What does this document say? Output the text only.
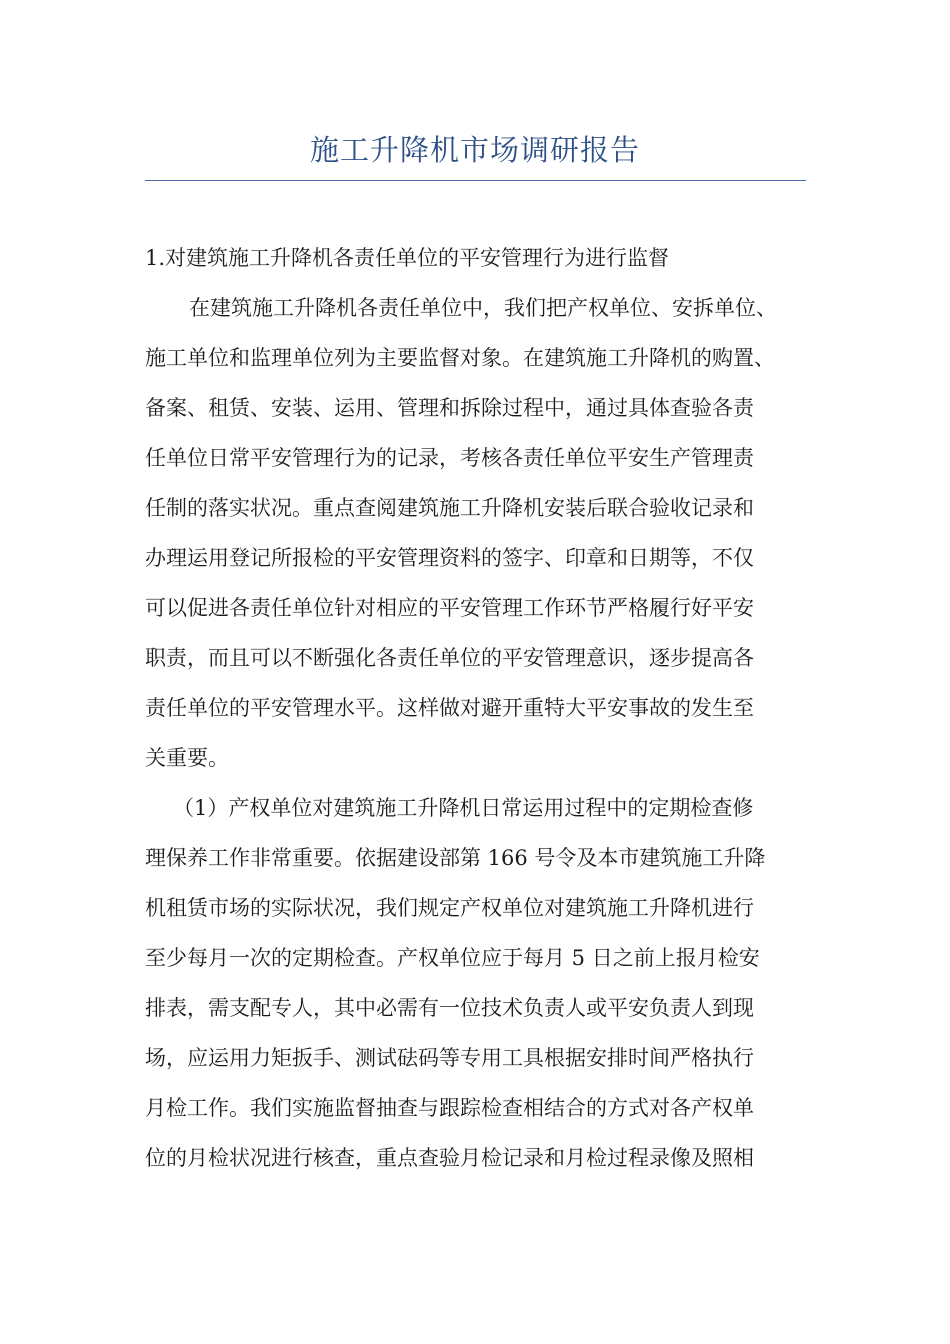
施工升降机市场调研报告

1.对建筑施工升降机各责任单位的平安管理行为进行监督

在建筑施工升降机各责任单位中，我们把产权单位、安拆单位、
施工单位和监理单位列为主要监督对象。在建筑施工升降机的购置、
备案、租赁、安装、运用、管理和拆除过程中，通过具体查验各责
任单位日常平安管理行为的记录，考核各责任单位平安生产管理责
任制的落实状况。重点查阅建筑施工升降机安装后联合验收记录和
办理运用登记所报检的平安管理资料的签字、印章和日期等，不仅
可以促进各责任单位针对相应的平安管理工作环节严格履行好平安
职责，而且可以不断强化各责任单位的平安管理意识，逐步提高各
责任单位的平安管理水平。这样做对避开重特大平安事故的发生至
关重要。

（1）产权单位对建筑施工升降机日常运用过程中的定期检查修
理保养工作非常重要。依据建设部第 166 号令及本市建筑施工升降
机租赁市场的实际状况，我们规定产权单位对建筑施工升降机进行
至少每月一次的定期检查。产权单位应于每月 5 日之前上报月检安
排表，需支配专人，其中必需有一位技术负责人或平安负责人到现
场，应运用力矩扳手、测试砝码等专用工具根据安排时间严格执行
月检工作。我们实施监督抽查与跟踪检查相结合的方式对各产权单
位的月检状况进行核查，重点查验月检记录和月检过程录像及照相
